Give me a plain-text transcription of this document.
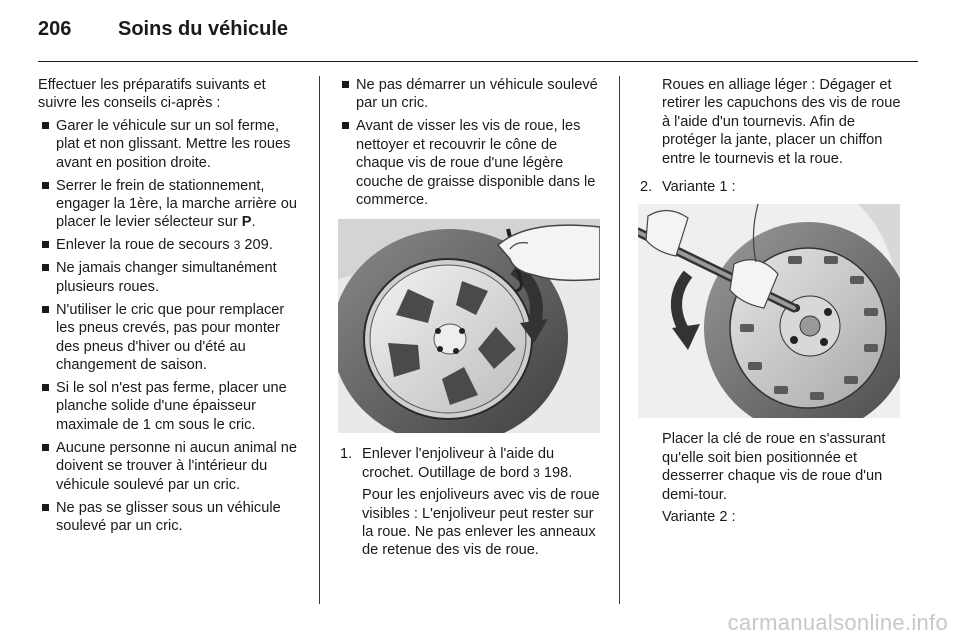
206	Soins du véhicule

Effectuer les préparatifs suivants et suivre les conseils ci-après :

Garer le véhicule sur un sol ferme, plat et non glissant. Mettre les roues avant en position droite.
Serrer le frein de stationnement, engager la 1ère, la marche arrière ou placer le levier sélecteur sur P.
Enlever la roue de secours 3 209.
Ne jamais changer simultanément plusieurs roues.
N'utiliser le cric que pour remplacer les pneus crevés, pas pour monter des pneus d'hiver ou d'été au changement de saison.
Si le sol n'est pas ferme, placer une planche solide d'une épaisseur maximale de 1 cm sous le cric.
Aucune personne ni aucun animal ne doivent se trouver à l'intérieur du véhicule soulevé par un cric.
Ne pas se glisser sous un véhicule soulevé par un cric.
Ne pas démarrer un véhicule soulevé par un cric.
Avant de visser les vis de roue, les nettoyer et recouvrir le cône de chaque vis de roue d'une légère couche de graisse disponible dans le commerce.
1. Enlever l'enjoliveur à l'aide du crochet. Outillage de bord 3 198.

Pour les enjoliveurs avec vis de roue visibles : L'enjoliveur peut rester sur la roue. Ne pas enlever les anneaux de retenue des vis de roue.

Roues en alliage léger : Dégager et retirer les capuchons des vis de roue à l'aide d'un tournevis. Afin de protéger la jante, placer un chiffon entre le tournevis et la roue.

2. Variante 1 :

Placer la clé de roue en s'assurant qu'elle soit bien positionnée et desserrer chaque vis de roue d'un demi-tour.

Variante 2 :

carmanualsonline.info
